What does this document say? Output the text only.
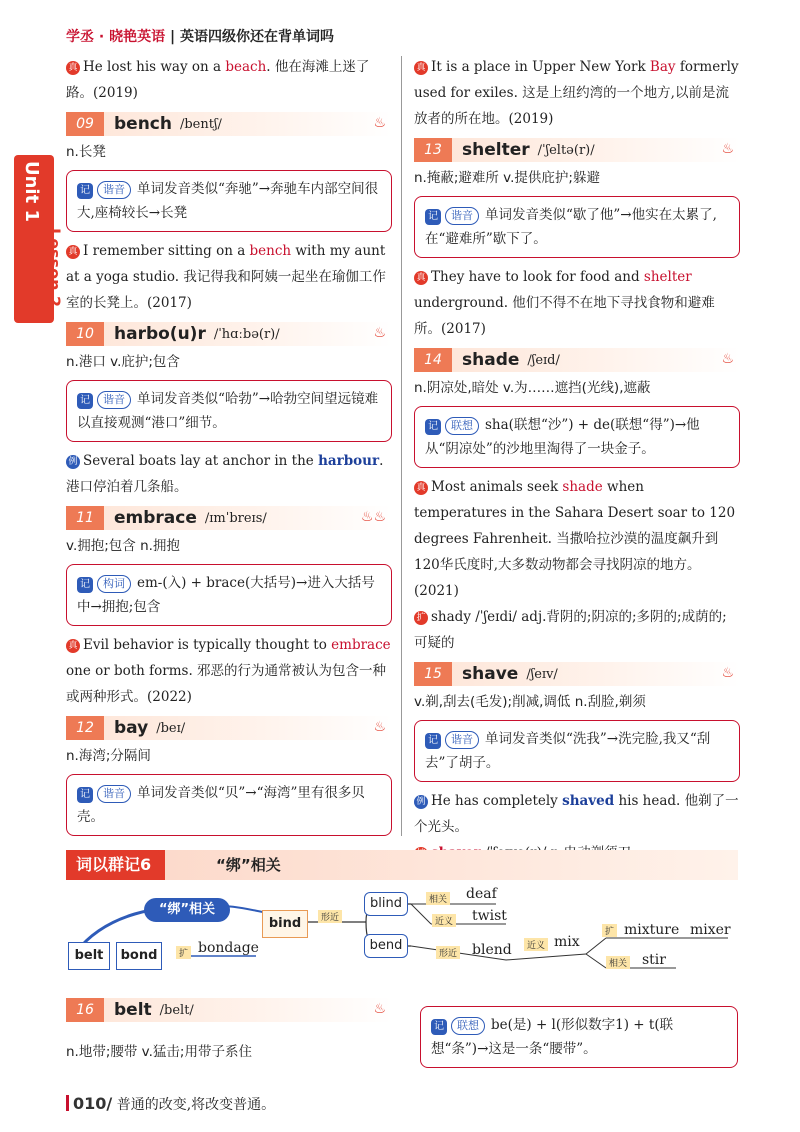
学丞 · 晓艳英语 | 英语四级你还在背单词吗
Unit 1
Lesson 2

真 He lost his way on a beach. 他在海滩上迷了路。(2019)

09	bench /bentʃ/	♨
n.长凳
记 谐音 单词发音类似“奔驰”→奔驰车内部空间很大,座椅较长→长凳

真 I remember sitting on a bench with my aunt at a yoga studio. 我记得我和阿姨一起坐在瑜伽工作室的长凳上。(2017)

10	harbo(u)r /ˈhɑːbə(r)/	♨
n.港口 v.庇护;包含
记 谐音 单词发音类似“哈勃”→哈勃空间望远镜难以直接观测“港口”细节。

例 Several boats lay at anchor in the harbour. 港口停泊着几条船。

11	embrace /ɪmˈbreɪs/	♨♨
v.拥抱;包含 n.拥抱
记 构词 em-(入) + brace(大括号)→进入大括号中→拥抱;包含

真 Evil behavior is typically thought to embrace one or both forms. 邪恶的行为通常被认为包含一种或两种形式。(2022)

12	bay /beɪ/	♨
n.海湾;分隔间
记 谐音 单词发音类似“贝”→“海湾”里有很多贝壳。

真 It is a place in Upper New York Bay formerly used for exiles. 这是上纽约湾的一个地方,以前是流放者的所在地。(2019)

13	shelter /ˈʃeltə(r)/	♨
n.掩蔽;避难所 v.提供庇护;躲避
记 谐音 单词发音类似“歇了他”→他实在太累了,在“避难所”歇下了。

真 They have to look for food and shelter underground. 他们不得不在地下寻找食物和避难所。(2017)

14	shade /ʃeɪd/	♨
n.阴凉处,暗处 v.为……遮挡(光线),遮蔽
记 联想 sha(联想“沙”) + de(联想“得”)→他从“阴凉处”的沙地里淘得了一块金子。

真 Most animals seek shade when temperatures in the Sahara Desert soar to 120 degrees Fahrenheit. 当撒哈拉沙漠的温度飙升到120华氏度时,大多数动物都会寻找阴凉的地方。(2021)

扩 shady /ˈʃeɪdi/ adj.背阴的;阴凉的;多阴的;成荫的;可疑的

15	shave /ʃeɪv/	♨
v.剃,刮去(毛发);削减,调低 n.刮脸,剃须
记 谐音 单词发音类似“洗我”→洗完脸,我又“刮去”了胡子。

例 He has completely shaved his head. 他剃了一个光头。

词以群记6	“绑”相关
“绑”相关
bind
belt	bond	扩 bondage
形近
blind
bend
相关 deaf
近义 twist
形近 blend	近义 mix
扩 mixture mixer
相关 stir
16	belt /belt/	♨
n.地带;腰带 v.猛击;用带子系住
记 联想 be(是) + l(形似数字1) + t(联想“条”)→这是一条“腰带”。
010/ 普通的改变,将改变普通。
